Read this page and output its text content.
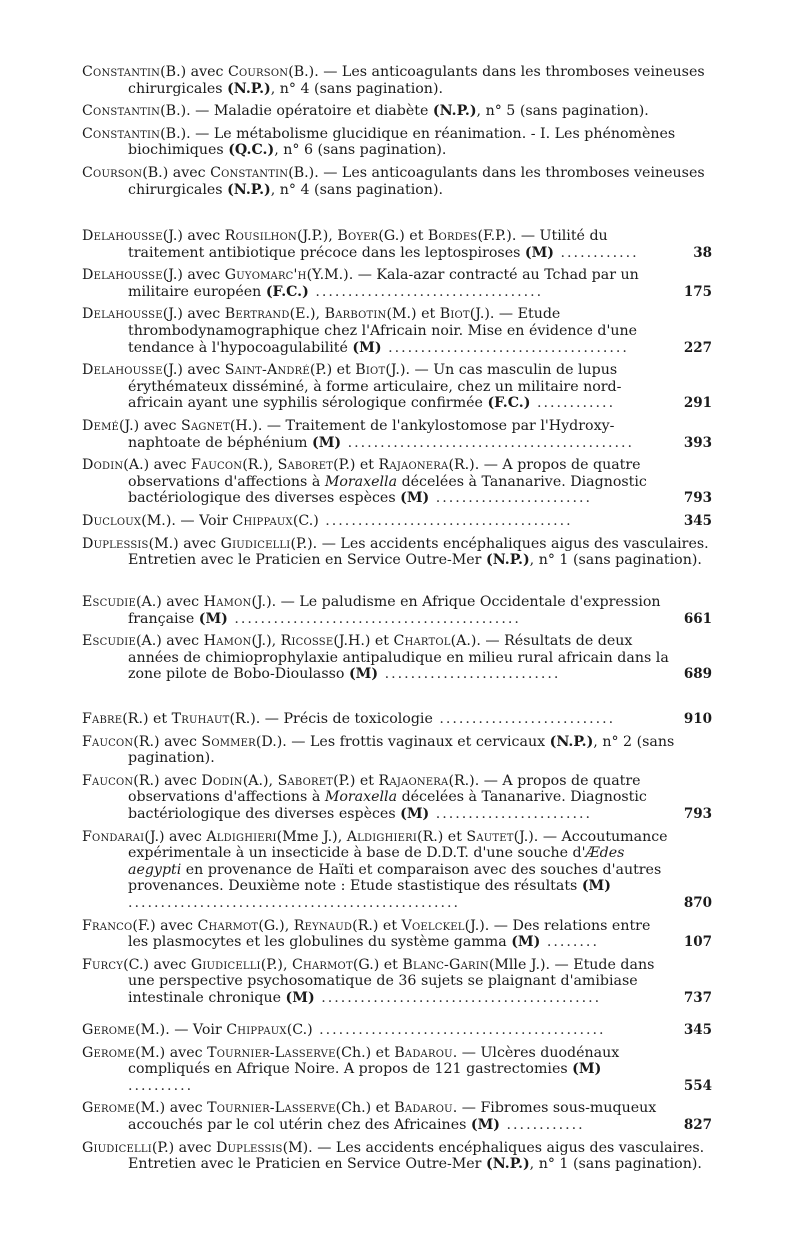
Constantin(B.) avec Courson(B.). — Les anticoagulants dans les thromboses veineuses chirurgicales (N.P.), n° 4 (sans pagination).
Constantin(B.). — Maladie opératoire et diabète (N.P.), n° 5 (sans pagination).
Constantin(B.). — Le métabolisme glucidique en réanimation. - I. Les phénomènes biochimiques (Q.C.), n° 6 (sans pagination).
Courson(B.) avec Constantin(B.). — Les anticoagulants dans les thromboses veineuses chirurgicales (N.P.), n° 4 (sans pagination).
Delahousse(J.) avec Rousilhon(J.P.), Boyer(G.) et Bordes(F.P.). — Utilité du traitement antibiotique précoce dans les leptospiroses (M) ............	38
Delahousse(J.) avec Guyomarc'h(Y.M.). — Kala-azar contracté au Tchad par un militaire européen (F.C.) ...................................	175
Delahousse(J.) avec Bertrand(E.), Barbotin(M.) et Biot(J.). — Etude thrombodynamographique chez l'Africain noir. Mise en évidence d'une tendance à l'hypocoagulabilité (M) .....................................	227
Delahousse(J.) avec Saint-André(P.) et Biot(J.). — Un cas masculin de lupus érythémateux disséminé, à forme articulaire, chez un militaire nord-africain ayant une syphilis sérologique confirmée (F.C.) ............	291
Demé(J.) avec Sagnet(H.). — Traitement de l'ankylostomose par l'Hydroxy-naphtoate de béphénium (M) ............................................	393
Dodin(A.) avec Faucon(R.), Saboret(P.) et Rajaonera(R.). — A propos de quatre observations d'affections à Moraxella décelées à Tananarive. Diagnostic bactériologique des diverses espèces (M) ........................	793
Ducloux(M.). — Voir Chippaux(C.) ......................................	345
Duplessis(M.) avec Giudicelli(P.). — Les accidents encéphaliques aigus des vasculaires. Entretien avec le Praticien en Service Outre-Mer (N.P.), n° 1 (sans pagination).
Escudie(A.) avec Hamon(J.). — Le paludisme en Afrique Occidentale d'expression française (M) ............................................	661
Escudie(A.) avec Hamon(J.), Ricosse(J.H.) et Chartol(A.). — Résultats de deux années de chimioprophylaxie antipaludique en milieu rural africain dans la zone pilote de Bobo-Dioulasso (M) ...........................	689
Fabre(R.) et Truhaut(R.). — Précis de toxicologie ...........................	910
Faucon(R.) avec Sommer(D.). — Les frottis vaginaux et cervicaux (N.P.), n° 2 (sans pagination).
Faucon(R.) avec Dodin(A.), Saboret(P.) et Rajaonera(R.). — A propos de quatre observations d'affections à Moraxella décelées à Tananarive. Diagnostic bactériologique des diverses espèces (M) ........................	793
Fondarai(J.) avec Aldighieri(Mme J.), Aldighieri(R.) et Sautet(J.). — Accoutumance expérimentale à un insecticide à base de D.D.T. d'une souche d'Ædes aegypti en provenance de Haïti et comparaison avec des souches d'autres provenances. Deuxième note : Etude stastistique des résultats (M) ...................................................	870
Franco(F.) avec Charmot(G.), Reynaud(R.) et Voelckel(J.). — Des relations entre les plasmocytes et les globulines du système gamma (M) ........	107
Furcy(C.) avec Giudicelli(P.), Charmot(G.) et Blanc-Garin(Mlle J.). — Etude dans une perspective psychosomatique de 36 sujets se plaignant d'amibiase intestinale chronique (M) ...........................................	737
Gerome(M.). — Voir Chippaux(C.) ............................................	345
Gerome(M.) avec Tournier-Lasserve(Ch.) et Badarou. — Ulcères duodénaux compliqués en Afrique Noire. A propos de 121 gastrectomies (M) ..........	554
Gerome(M.) avec Tournier-Lasserve(Ch.) et Badarou. — Fibromes sous-muqueux accouchés par le col utérin chez des Africaines (M) ............	827
Giudicelli(P.) avec Duplessis(M). — Les accidents encéphaliques aigus des vasculaires. Entretien avec le Praticien en Service Outre-Mer (N.P.), n° 1 (sans pagination).
